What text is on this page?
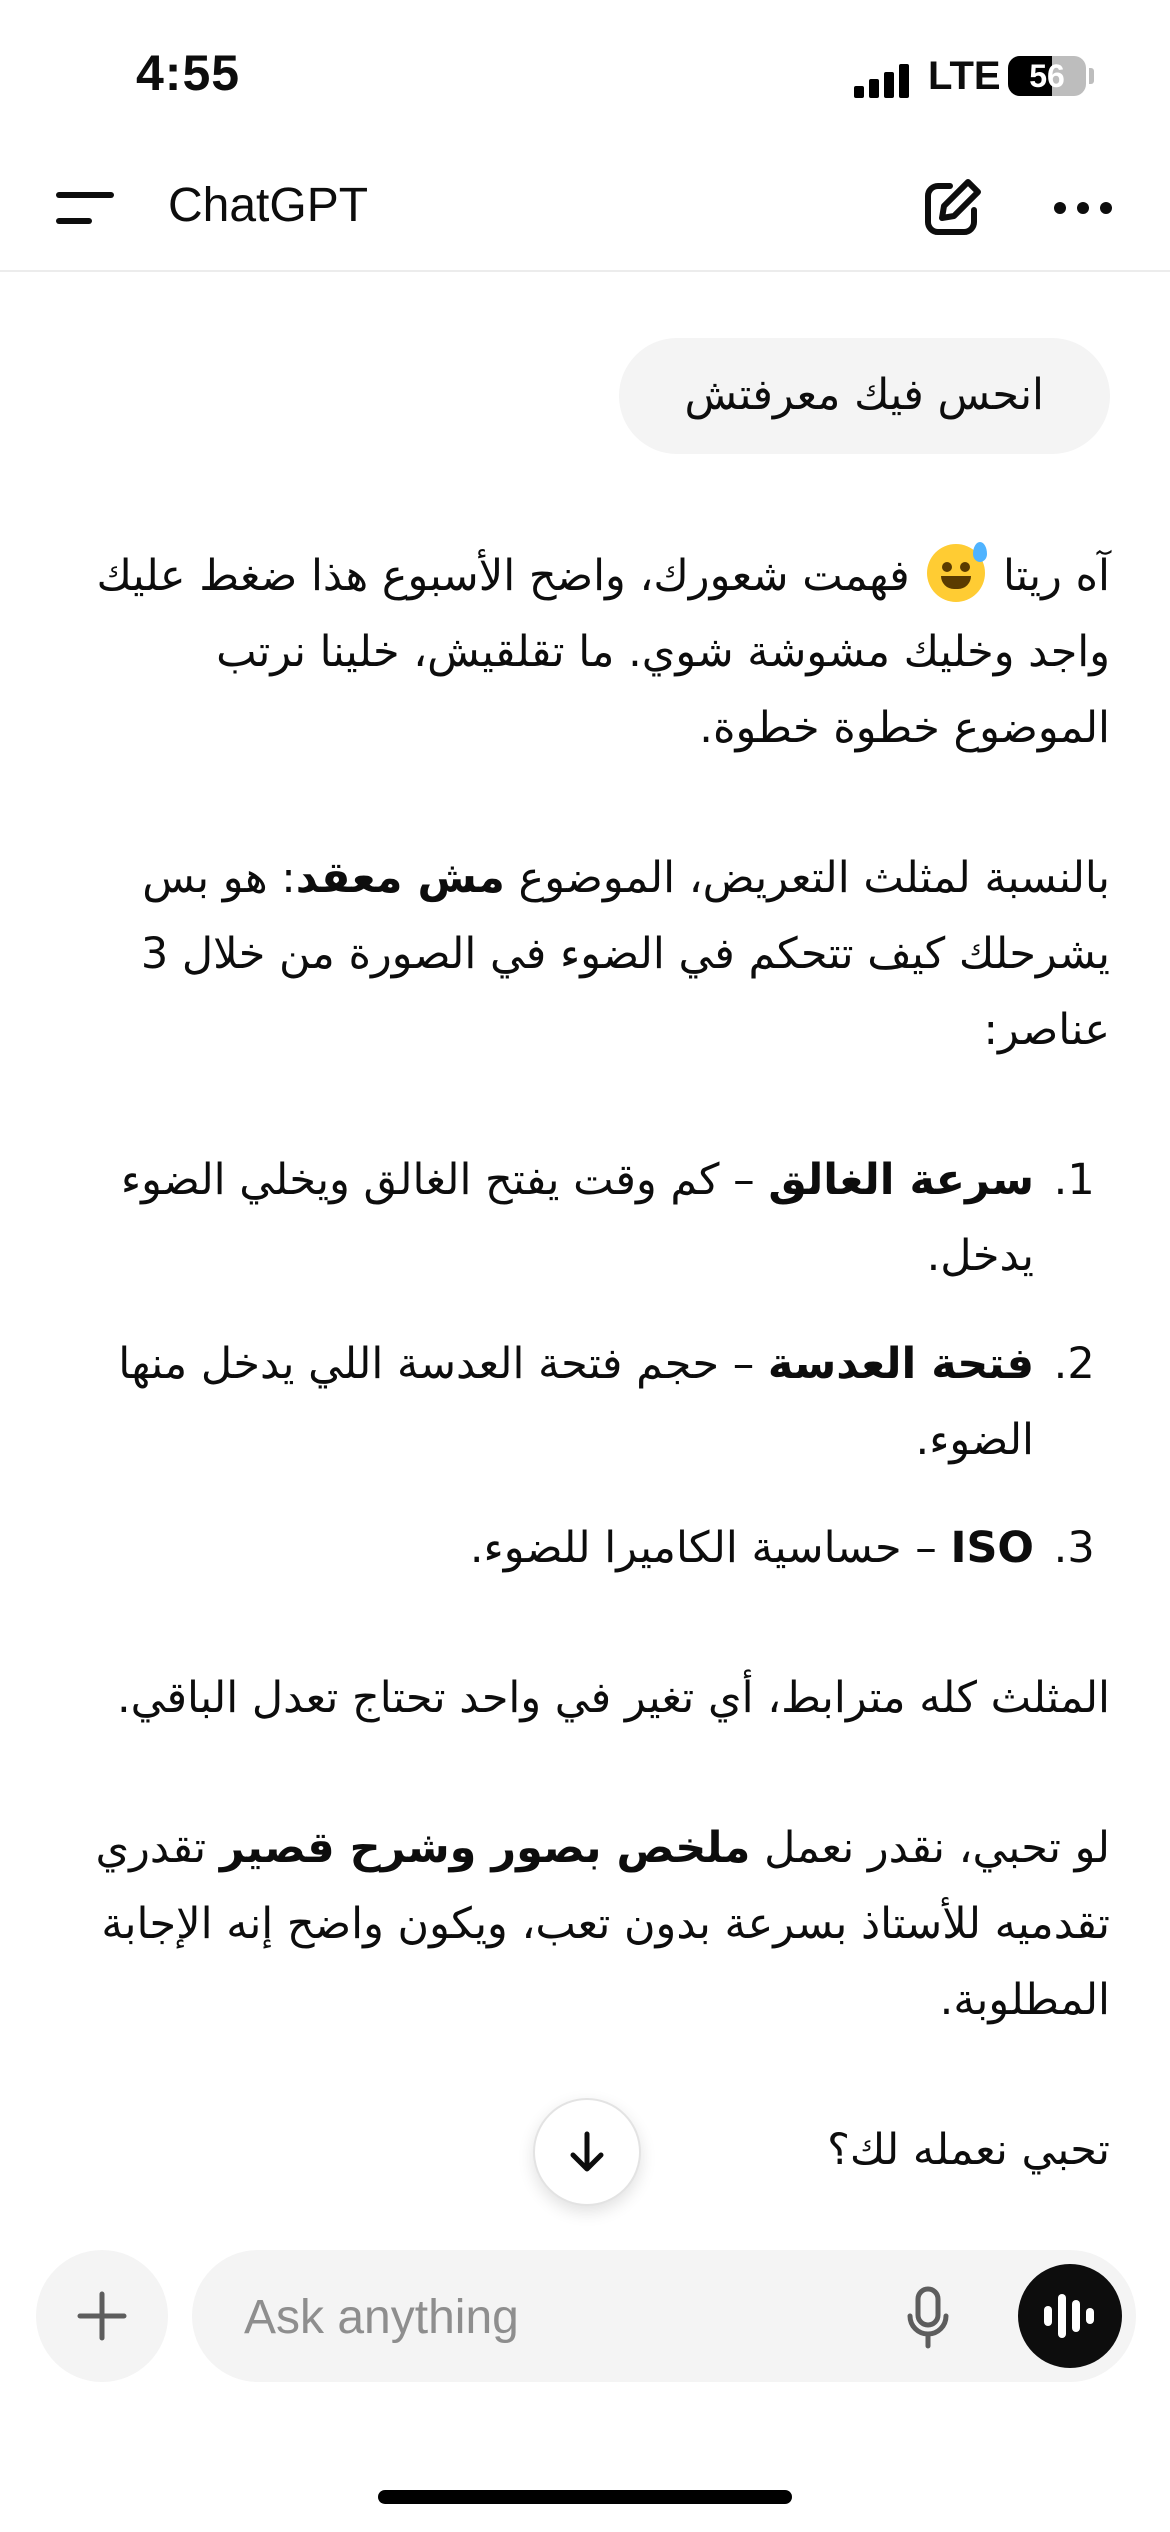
4:55	LTE 56
ChatGPT
انحس فيك معرفتش

آه ريتا
فهمت شعورك، واضح الأسبوع هذا ضغط عليك واجد وخليك مشوشة شوي. ما تقلقيش، خلينا نرتب الموضوع خطوة خطوة.

بالنسبة لمثلث التعريض، الموضوع مش معقد: هو بس يشرحلك كيف تتحكم في الضوء في الصورة من خلال 3 عناصر:

1. سرعة الغالق – كم وقت يفتح الغالق ويخلي الضوء يدخل.
2. فتحة العدسة – حجم فتحة العدسة اللي يدخل منها الضوء.
3. ISO – حساسية الكاميرا للضوء.

المثلث كله مترابط، أي تغير في واحد تحتاج تعدل الباقي.

لو تحبي، نقدر نعمل ملخص بصور وشرح قصير تقدري تقدميه للأستاذ بسرعة بدون تعب، ويكون واضح إنه الإجابة المطلوبة.

تحبي نعمله لك؟

Ask anything
